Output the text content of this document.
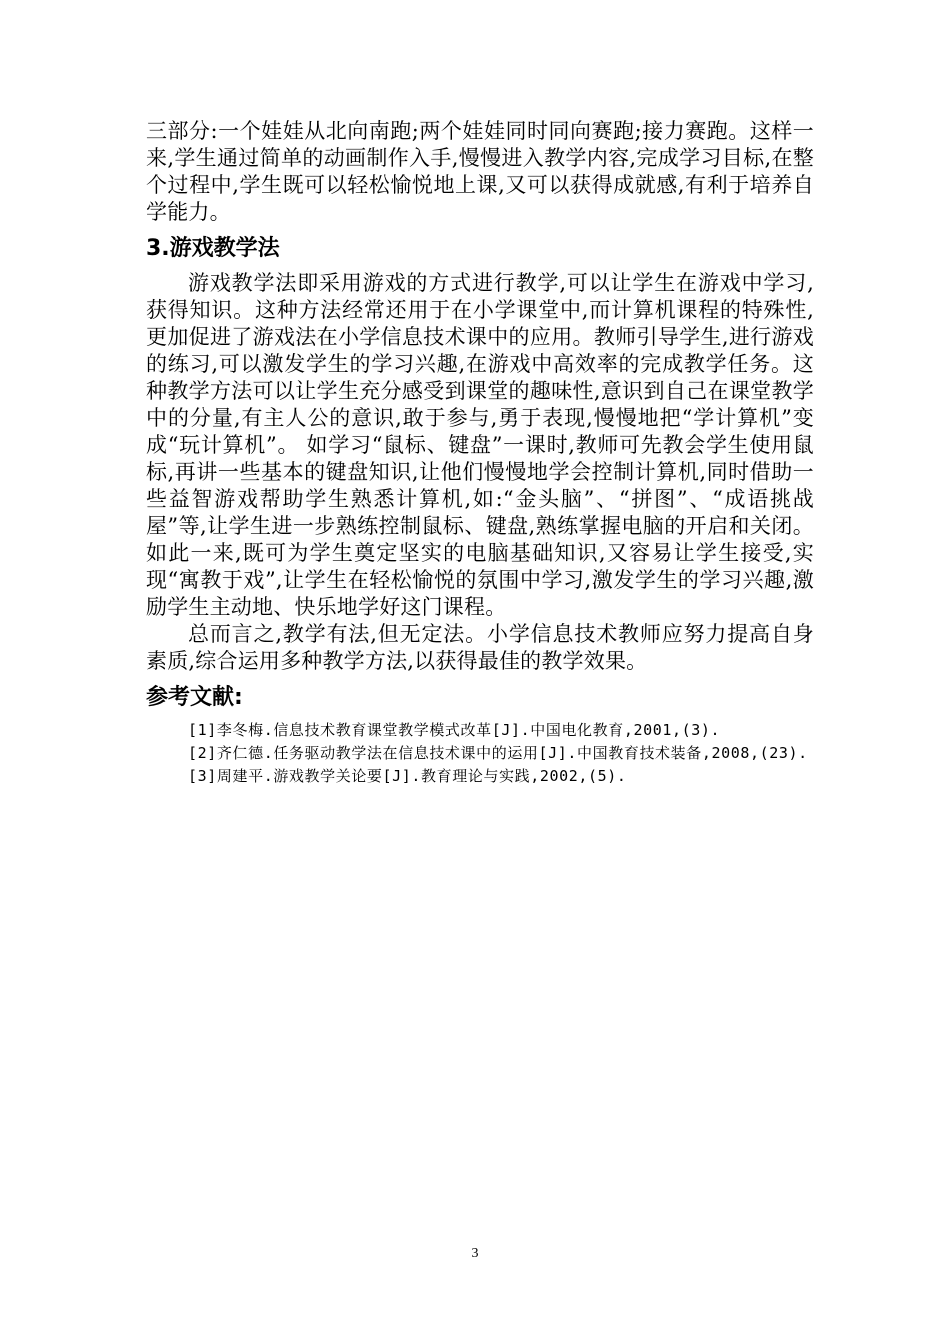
三部分:一个娃娃从北向南跑;两个娃娃同时同向赛跑;接力赛跑。这样一来,学生通过简单的动画制作入手,慢慢进入教学内容,完成学习目标,在整个过程中,学生既可以轻松愉悦地上课,又可以获得成就感,有利于培养自学能力。

3.游戏教学法

游戏教学法即采用游戏的方式进行教学,可以让学生在游戏中学习,获得知识。这种方法经常还用于在小学课堂中,而计算机课程的特殊性,更加促进了游戏法在小学信息技术课中的应用。教师引导学生,进行游戏的练习,可以激发学生的学习兴趣,在游戏中高效率的完成教学任务。这种教学方法可以让学生充分感受到课堂的趣味性,意识到自己在课堂教学中的分量,有主人公的意识,敢于参与,勇于表现,慢慢地把“学计算机”变成“玩计算机”。 如学习“鼠标、键盘”一课时,教师可先教会学生使用鼠标,再讲一些基本的键盘知识,让他们慢慢地学会控制计算机,同时借助一些益智游戏帮助学生熟悉计算机,如:“金头脑”、“拼图”、“成语挑战屋”等,让学生进一步熟练控制鼠标、键盘,熟练掌握电脑的开启和关闭。如此一来,既可为学生奠定坚实的电脑基础知识,又容易让学生接受,实现“寓教于戏”,让学生在轻松愉悦的氛围中学习,激发学生的学习兴趣,激励学生主动地、快乐地学好这门课程。

总而言之,教学有法,但无定法。小学信息技术教师应努力提高自身素质,综合运用多种教学方法,以获得最佳的教学效果。

参考文献:

[1]李冬梅.信息技术教育课堂教学模式改革[J].中国电化教育,2001,(3).

[2]齐仁德.任务驱动教学法在信息技术课中的运用[J].中国教育技术装备,2008,(23).

[3]周建平.游戏教学关论要[J].教育理论与实践,2002,(5).

3
